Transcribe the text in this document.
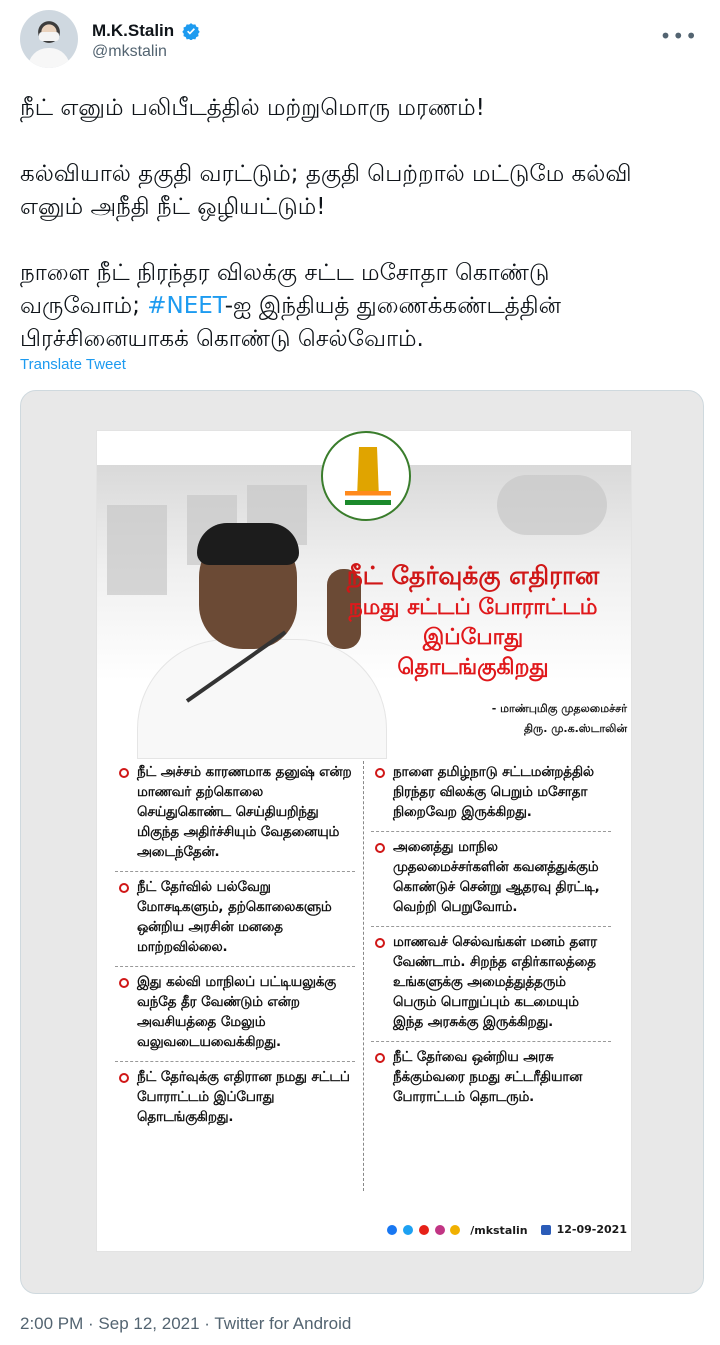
M.K.Stalin
@mkstalin
•••

நீட் எனும் பலிபீடத்தில் மற்றுமொரு மரணம்!

கல்வியால் தகுதி வரட்டும்; தகுதி பெற்றால் மட்டுமே கல்வி

எனும் அநீதி நீட் ஒழியட்டும்!

நாளை நீட் நிரந்தர விலக்கு சட்ட மசோதா கொண்டு

வருவோம்; #NEET-ஐ இந்தியத் துணைக்கண்டத்தின்

பிரச்சினையாகக் கொண்டு செல்வோம்.

Translate Tweet
நீட் தேர்வுக்கு எதிரான
நமது சட்டப் போராட்டம்
இப்போது
தொடங்குகிறது
- மாண்புமிகு முதலமைச்சர்
திரு. மு.க.ஸ்டாலின்
நீட் அச்சம் காரணமாக தனுஷ் என்ற மாணவர் தற்கொலை செய்துகொண்ட செய்தியறிந்து மிகுந்த அதிர்ச்சியும் வேதனையும் அடைந்தேன்.
நீட் தேர்வில் பல்வேறு மோசடிகளும், தற்கொலைகளும் ஒன்றிய அரசின் மனதை மாற்றவில்லை.
இது கல்வி மாநிலப் பட்டியலுக்கு வந்தே தீர வேண்டும் என்ற அவசியத்தை மேலும் வலுவடையவைக்கிறது.
நீட் தேர்வுக்கு எதிரான நமது சட்டப் போராட்டம் இப்போது தொடங்குகிறது.
நாளை தமிழ்நாடு சட்டமன்றத்தில் நிரந்தர விலக்கு பெறும் மசோதா நிறைவேற இருக்கிறது.
அனைத்து மாநில முதலமைச்சர்களின் கவனத்துக்கும் கொண்டுச் சென்று ஆதரவு திரட்டி, வெற்றி பெறுவோம்.
மாணவச் செல்வங்கள் மனம் தளர வேண்டாம். சிறந்த எதிர்காலத்தை உங்களுக்கு அமைத்துத்தரும் பெரும் பொறுப்பும் கடமையும் இந்த அரசுக்கு இருக்கிறது.
நீட் தேர்வை ஒன்றிய அரசு நீக்கும்வரை நமது சட்டரீதியான போராட்டம் தொடரும்.
/mkstalin	12-09-2021
2:00 PM · Sep 12, 2021 · Twitter for Android
